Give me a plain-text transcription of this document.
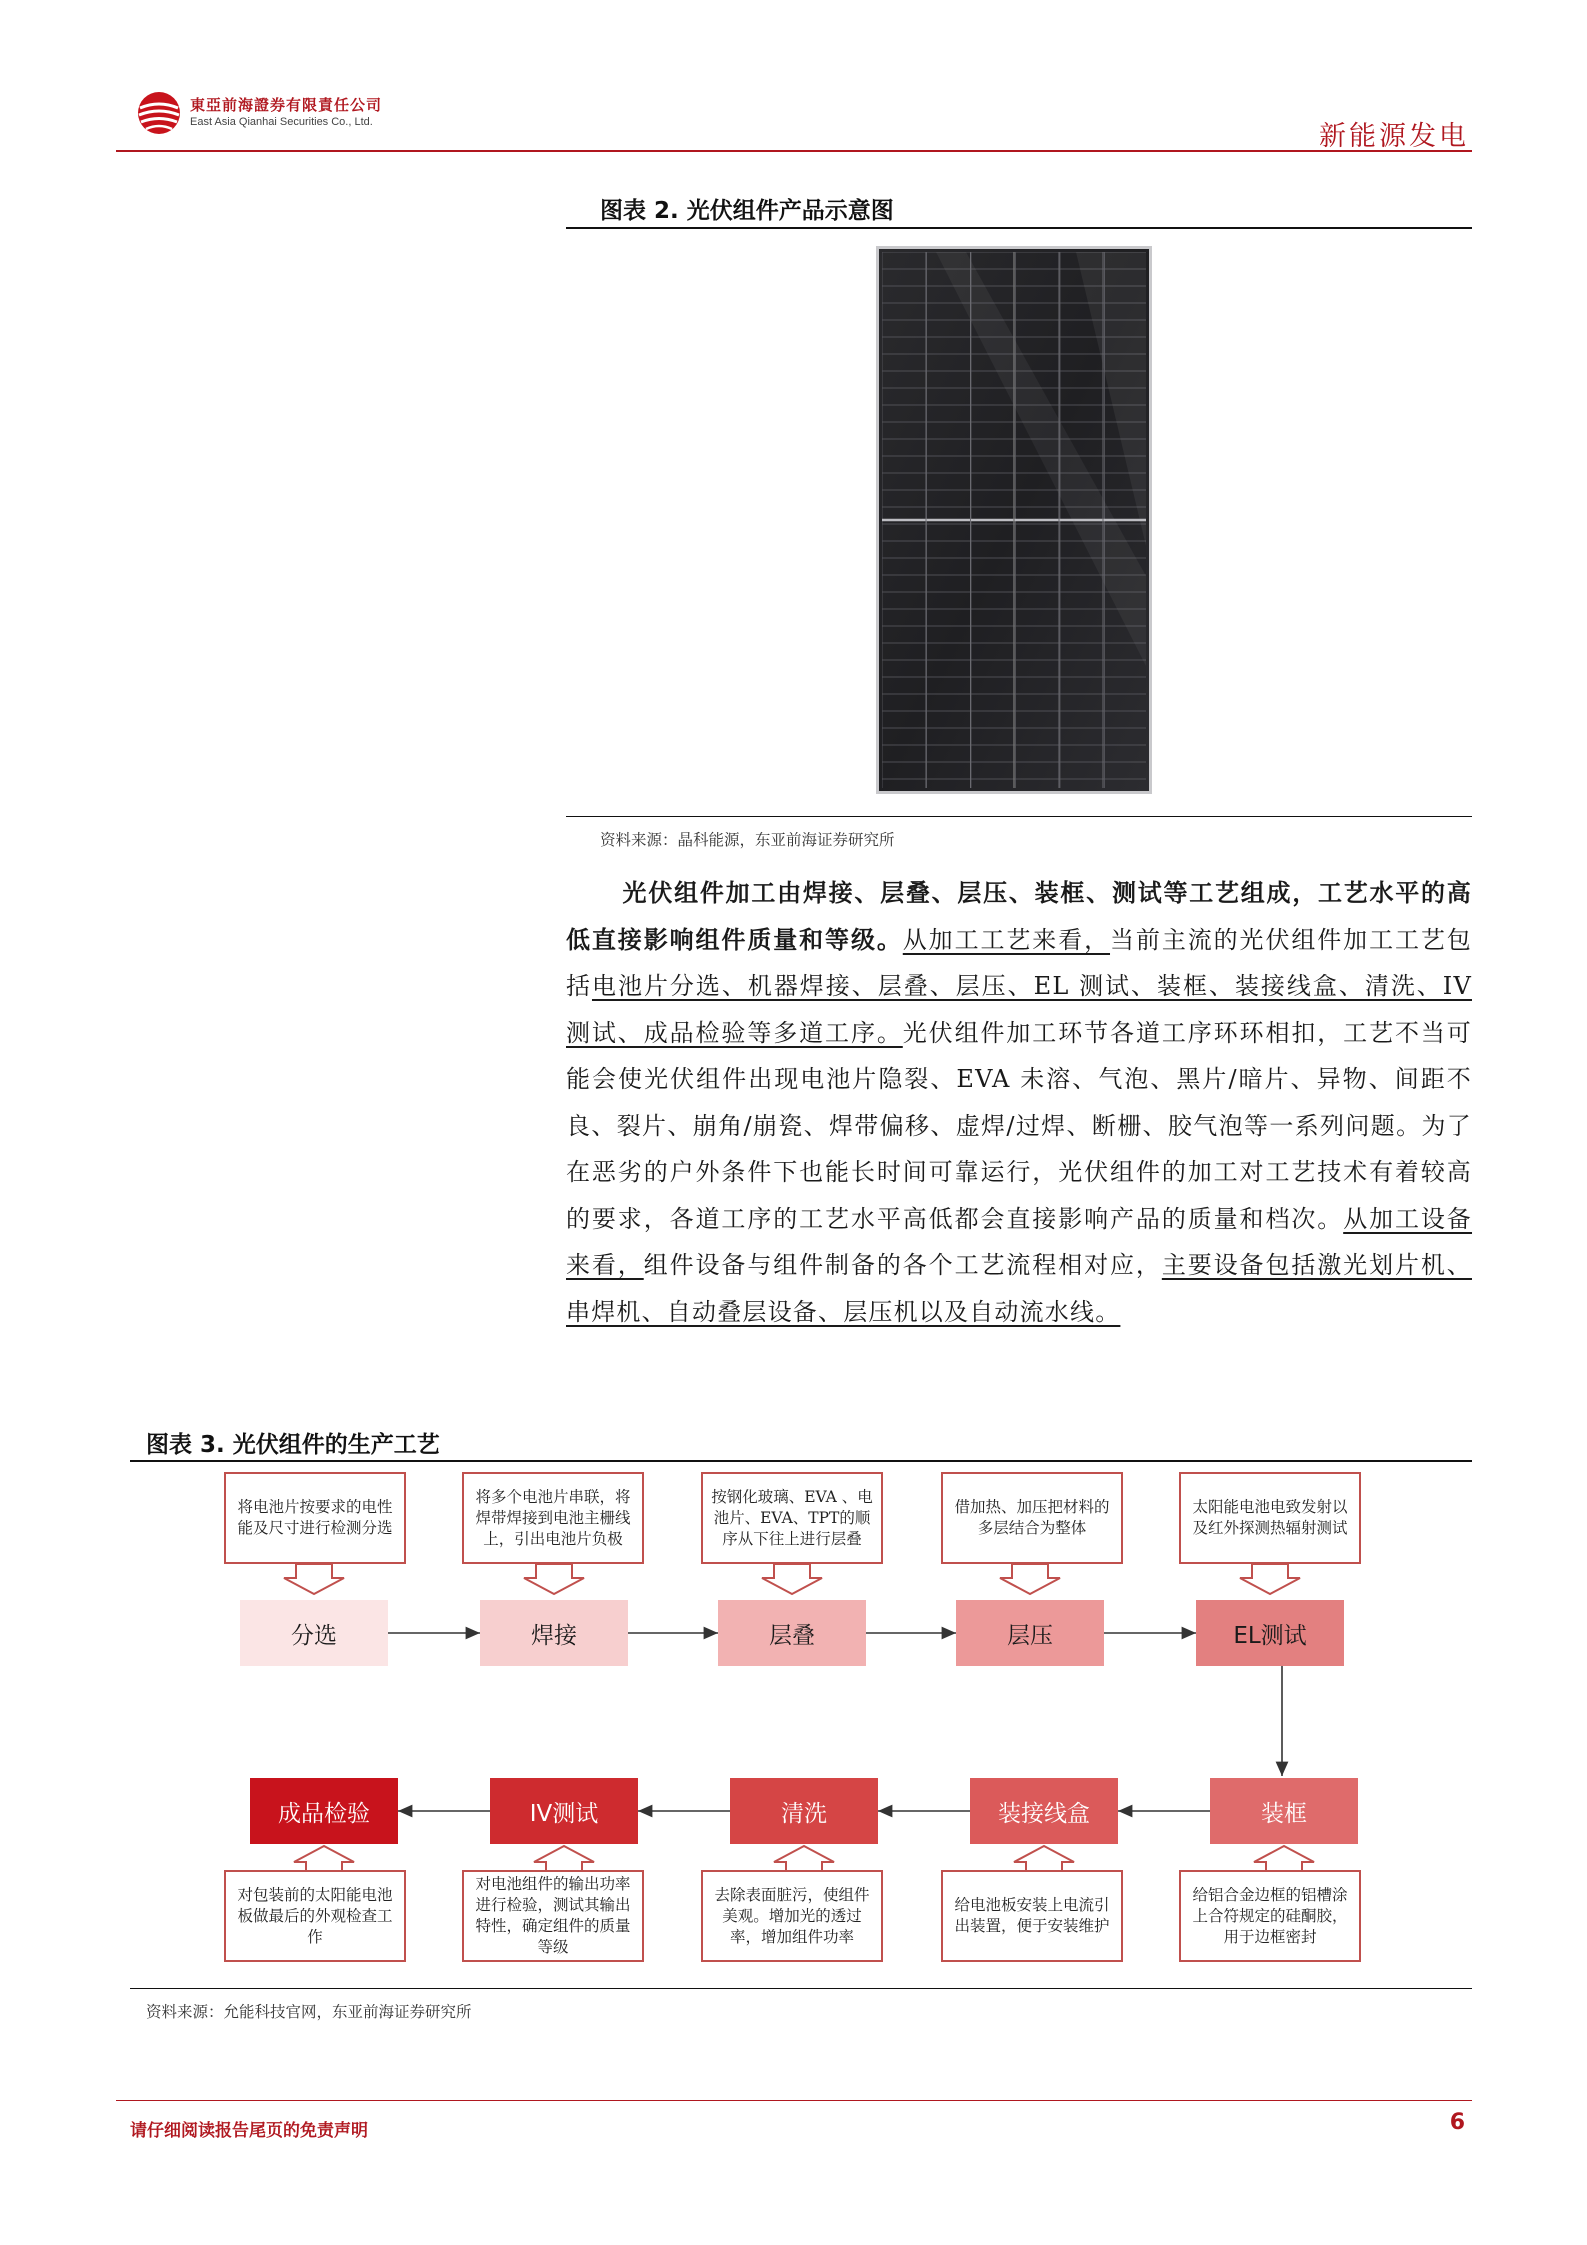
東亞前海證券有限責任公司
East Asia Qianhai Securities Co., Ltd.	新能源发电
图表 2. 光伏组件产品示意图
资料来源：晶科能源，东亚前海证券研究所
光伏组件加工由焊接、层叠、层压、装框、测试等工艺组成，工艺水平的高低直接影响组件质量和等级。从加工工艺来看，当前主流的光伏组件加工工艺包括电池片分选、机器焊接、层叠、层压、EL 测试、装框、装接线盒、清洗、IV 测试、成品检验等多道工序。光伏组件加工环节各道工序环环相扣，工艺不当可能会使光伏组件出现电池片隐裂、EVA 未溶、气泡、黑片/暗片、异物、间距不良、裂片、崩角/崩瓷、焊带偏移、虚焊/过焊、断栅、胶气泡等一系列问题。为了在恶劣的户外条件下也能长时间可靠运行，光伏组件的加工对工艺技术有着较高的要求，各道工序的工艺水平高低都会直接影响产品的质量和档次。从加工设备来看，组件设备与组件制备的各个工艺流程相对应，主要设备包括激光划片机、串焊机、自动叠层设备、层压机以及自动流水线。
图表 3. 光伏组件的生产工艺
将电池片按要求的电性能及尺寸进行检测分选
将多个电池片串联，将焊带焊接到电池主栅线上，引出电池片负极
按钢化玻璃、EVA 、电池片、EVA、TPT的顺序从下往上进行层叠
借加热、加压把材料的多层结合为整体
太阳能电池电致发射以及红外探测热辐射测试
分选	焊接	层叠	层压	EL测试
成品检验	IV测试	清洗	装接线盒	装框
对包装前的太阳能电池板做最后的外观检查工作
对电池组件的输出功率进行检验，测试其输出特性，确定组件的质量等级
去除表面脏污，使组件美观。增加光的透过率，增加组件功率
给电池板安装上电流引出装置，便于安装维护
给铝合金边框的铝槽涂上合符规定的硅酮胶，用于边框密封
资料来源：允能科技官网，东亚前海证券研究所
请仔细阅读报告尾页的免责声明	6
